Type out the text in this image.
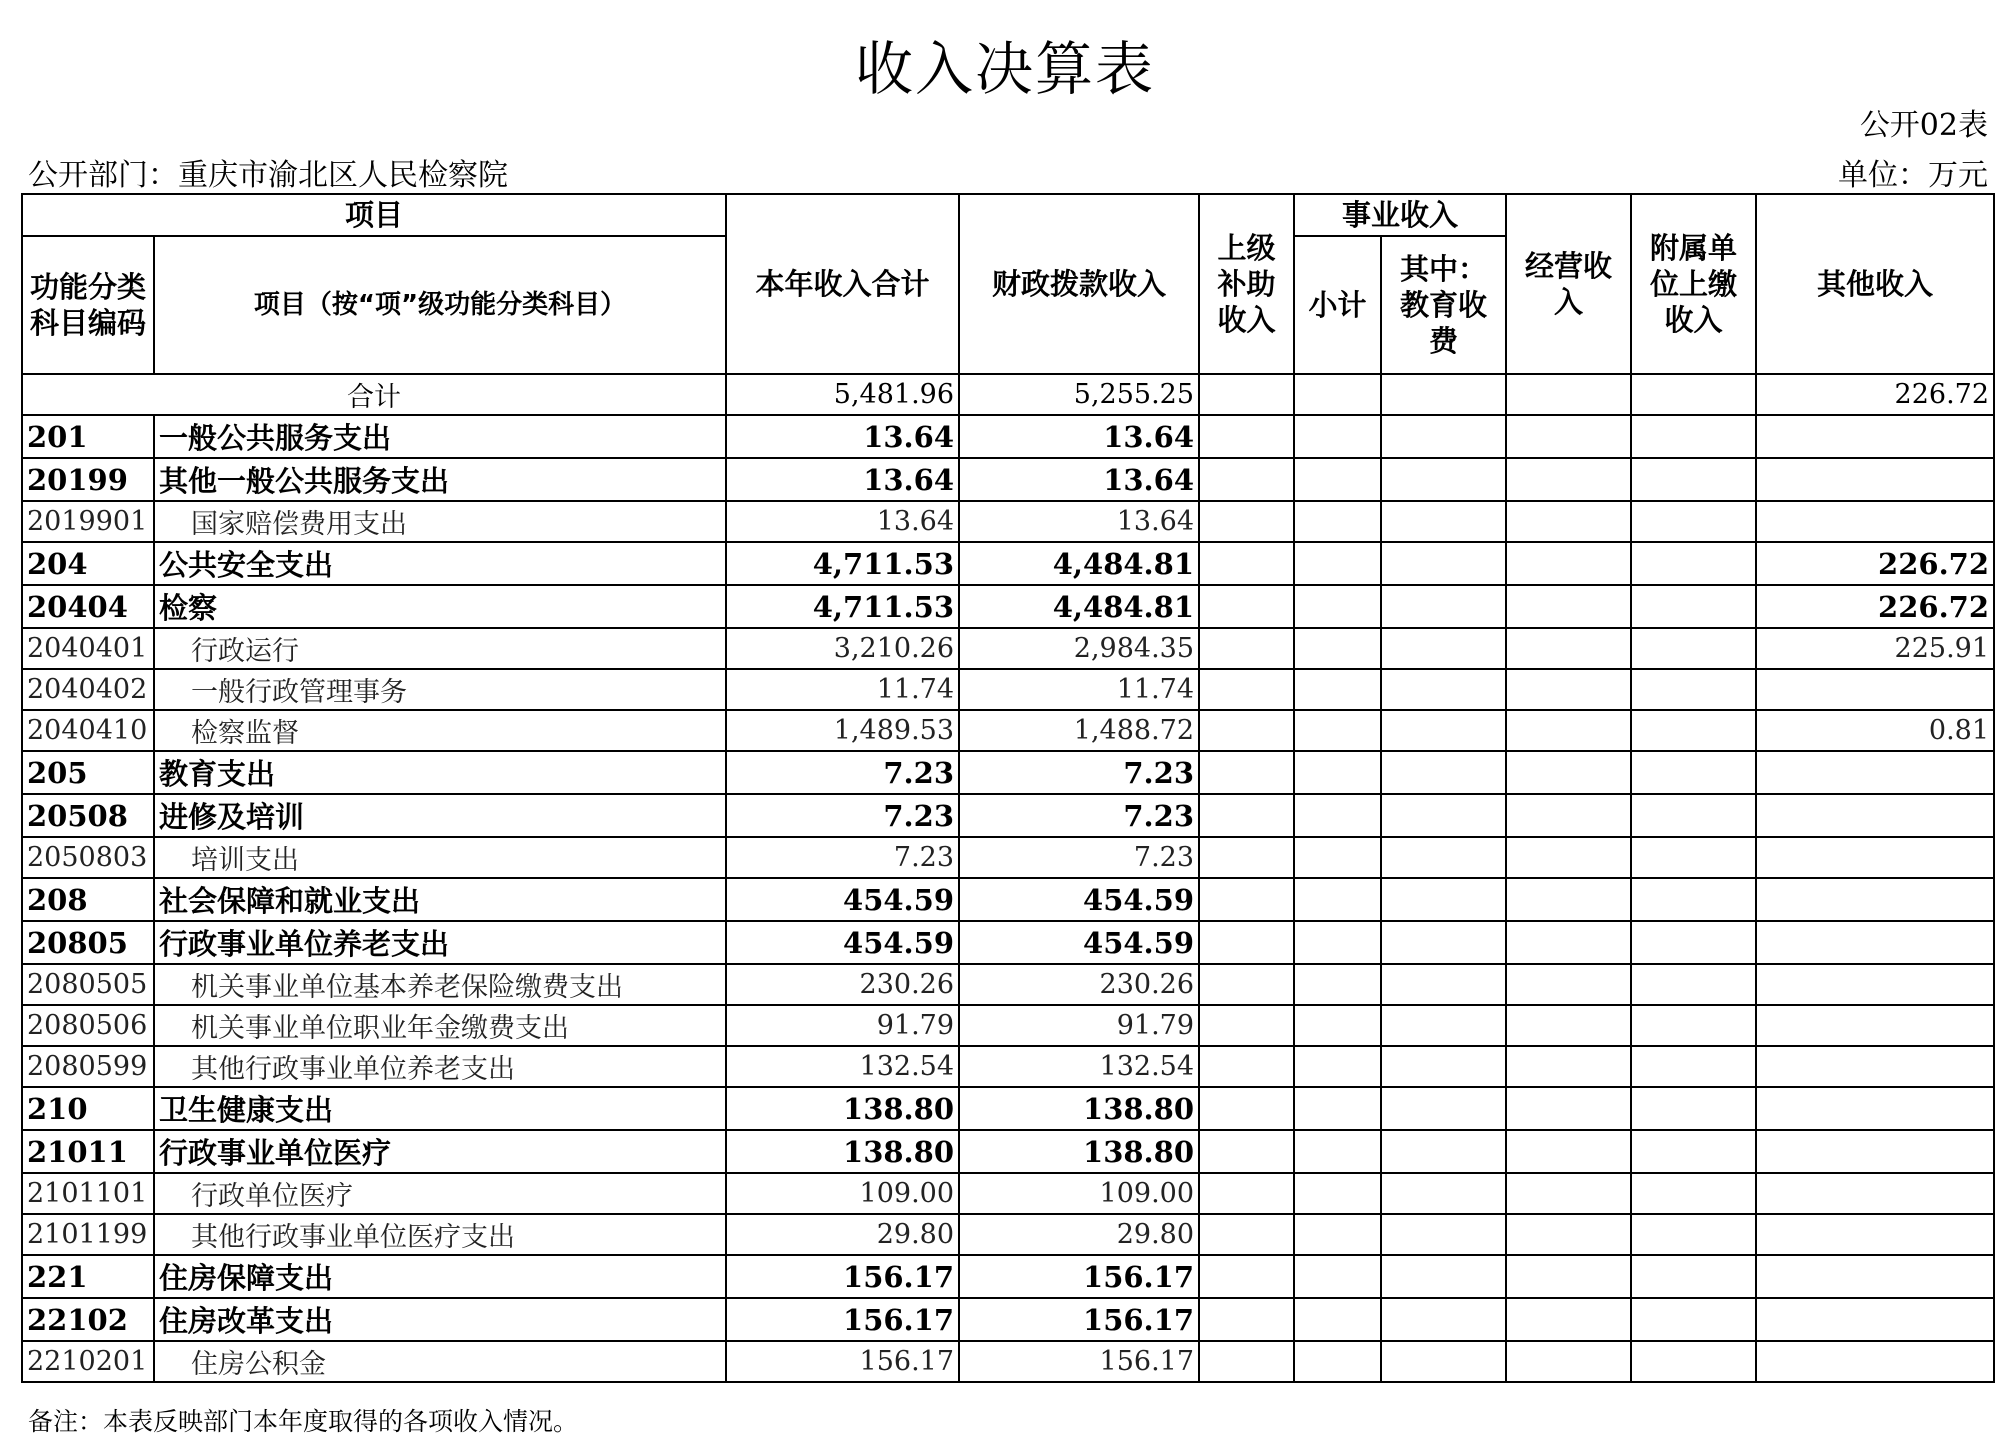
收入决算表
公开02表
公开部门：重庆市渝北区人民检察院	单位：万元
项目		本年收入合计	财政拨款收入	上级补助收入	事业收入		经营收入	附属单位上缴收入	其他收入
功能分类科目编码	项目（按“项”级功能分类科目）				小计	其中：教育收费			
合计		5,481.96	5,255.25						226.72
201	一般公共服务支出	13.64	13.64						
20199	其他一般公共服务支出	13.64	13.64						
2019901	国家赔偿费用支出	13.64	13.64						
204	公共安全支出	4,711.53	4,484.81						226.72
20404	检察	4,711.53	4,484.81						226.72
2040401	行政运行	3,210.26	2,984.35						225.91
2040402	一般行政管理事务	11.74	11.74						
2040410	检察监督	1,489.53	1,488.72						0.81
205	教育支出	7.23	7.23						
20508	进修及培训	7.23	7.23						
2050803	培训支出	7.23	7.23						
208	社会保障和就业支出	454.59	454.59						
20805	行政事业单位养老支出	454.59	454.59						
2080505	机关事业单位基本养老保险缴费支出	230.26	230.26						
2080506	机关事业单位职业年金缴费支出	91.79	91.79						
2080599	其他行政事业单位养老支出	132.54	132.54						
210	卫生健康支出	138.80	138.80						
21011	行政事业单位医疗	138.80	138.80						
2101101	行政单位医疗	109.00	109.00						
2101199	其他行政事业单位医疗支出	29.80	29.80						
221	住房保障支出	156.17	156.17						
22102	住房改革支出	156.17	156.17						
2210201	住房公积金	156.17	156.17						
备注：本表反映部门本年度取得的各项收入情况。
